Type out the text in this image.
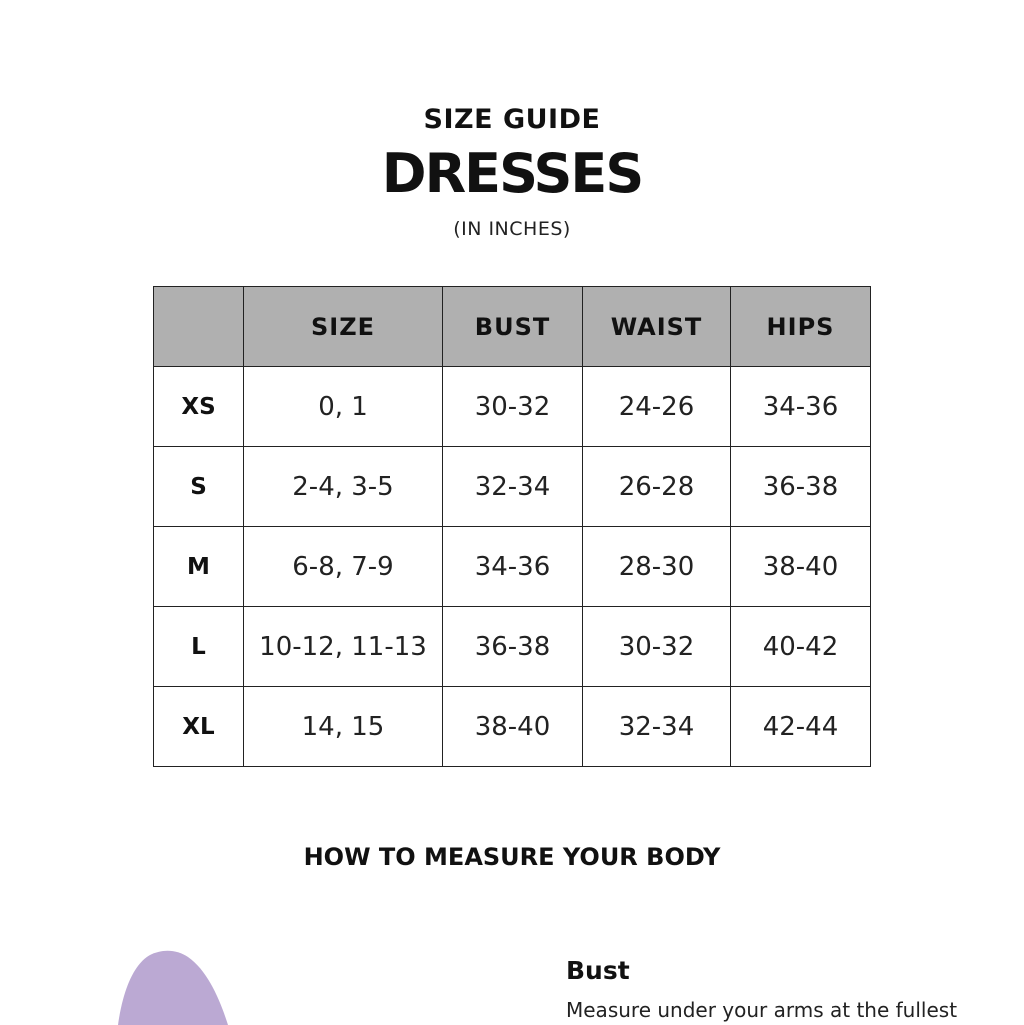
SIZE GUIDE
DRESSES
(IN INCHES)
	SIZE	BUST	WAIST	HIPS
XS	0, 1	30-32	24-26	34-36
S	2-4, 3-5	32-34	26-28	36-38
M	6-8, 7-9	34-36	28-30	38-40
L	10-12, 11-13	36-38	30-32	40-42
XL	14, 15	38-40	32-34	42-44
HOW TO MEASURE YOUR BODY
Bust
Measure under your arms at the fullest
